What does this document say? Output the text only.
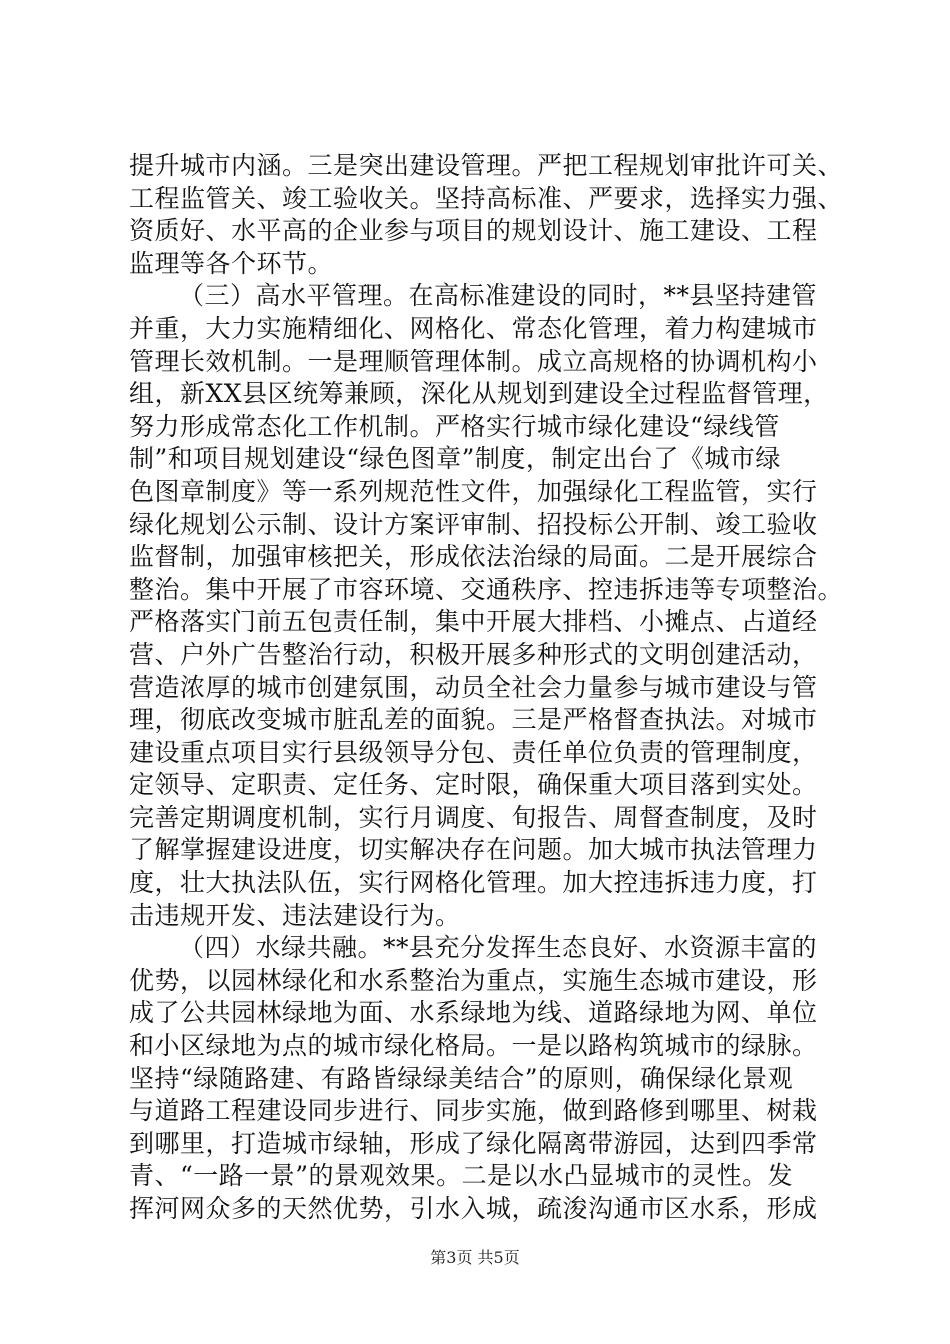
提升城市内涵。三是突出建设管理。严把工程规划审批许可关、
工程监管关、竣工验收关。坚持高标准、严要求，选择实力强、
资质好、水平高的企业参与项目的规划设计、施工建设、工程
监理等各个环节。
（三）高水平管理。在高标准建设的同时，**县坚持建管
并重，大力实施精细化、网格化、常态化管理，着力构建城市
管理长效机制。一是理顺管理体制。成立高规格的协调机构小
组，新XX县区统筹兼顾，深化从规划到建设全过程监督管理，
努力形成常态化工作机制。严格实行城市绿化建设“绿线管
制”和项目规划建设“绿色图章”制度，制定出台了《城市绿
色图章制度》等一系列规范性文件，加强绿化工程监管，实行
绿化规划公示制、设计方案评审制、招投标公开制、竣工验收
监督制，加强审核把关，形成依法治绿的局面。二是开展综合
整治。集中开展了市容环境、交通秩序、控违拆违等专项整治。
严格落实门前五包责任制，集中开展大排档、小摊点、占道经
营、户外广告整治行动，积极开展多种形式的文明创建活动，
营造浓厚的城市创建氛围，动员全社会力量参与城市建设与管
理，彻底改变城市脏乱差的面貌。三是严格督查执法。对城市
建设重点项目实行县级领导分包、责任单位负责的管理制度，
定领导、定职责、定任务、定时限，确保重大项目落到实处。
完善定期调度机制，实行月调度、旬报告、周督查制度，及时
了解掌握建设进度，切实解决存在问题。加大城市执法管理力
度，壮大执法队伍，实行网格化管理。加大控违拆违力度，打
击违规开发、违法建设行为。
（四）水绿共融。**县充分发挥生态良好、水资源丰富的
优势，以园林绿化和水系整治为重点，实施生态城市建设，形
成了公共园林绿地为面、水系绿地为线、道路绿地为网、单位
和小区绿地为点的城市绿化格局。一是以路构筑城市的绿脉。
坚持“绿随路建、有路皆绿绿美结合”的原则，确保绿化景观
与道路工程建设同步进行、同步实施，做到路修到哪里、树栽
到哪里，打造城市绿轴，形成了绿化隔离带游园，达到四季常
青、“一路一景”的景观效果。二是以水凸显城市的灵性。发
挥河网众多的天然优势，引水入城，疏浚沟通市区水系，形成
第3页 共5页
